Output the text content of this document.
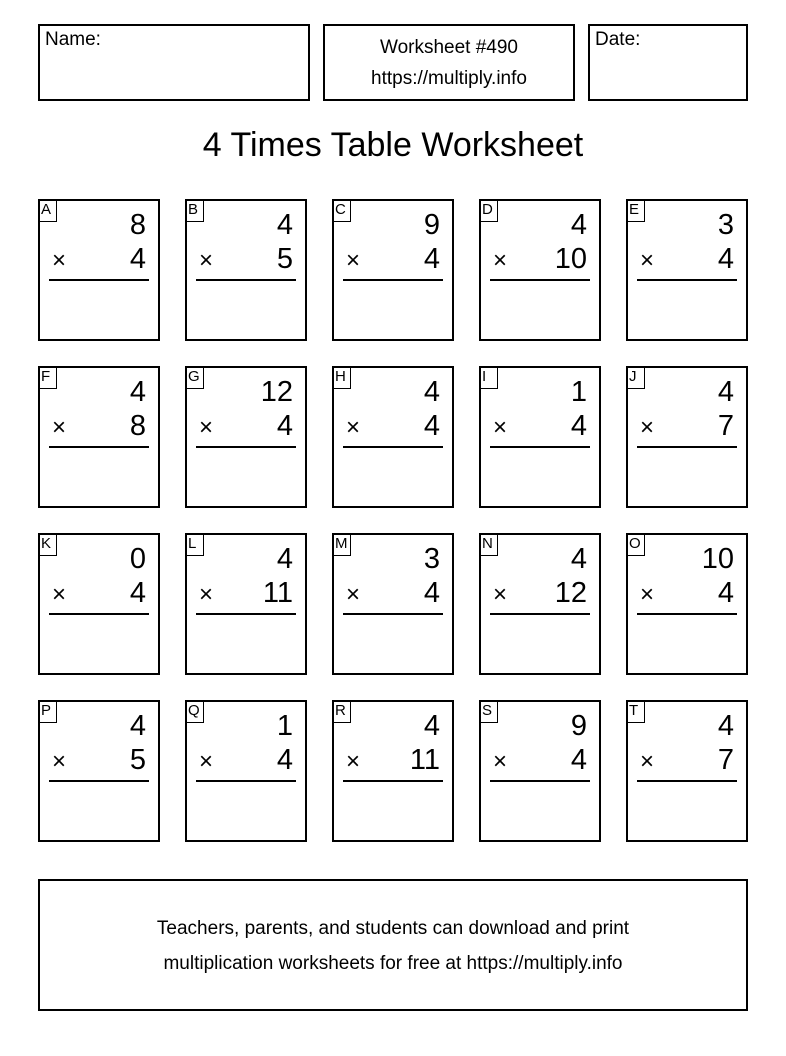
Name:	Worksheet #490
https://multiply.info
Date:
4 Times Table Worksheet
A	8
× 4
B	4
× 5
C	9
× 4
D	4
× 10
E	3
× 4
F	4
× 8
G 12
× 4
H	4
× 4
I	1
× 4
J	4
× 7
K	0
× 4
L	4
× 11
M	3
× 4
N	4
× 12
O 10
× 4
P	4
× 5
Q	1
× 4
R	4
× 11
S	9
× 4
T	4
× 7
Teachers, parents, and students can download and print
multiplication worksheets for free at https://multiply.info
